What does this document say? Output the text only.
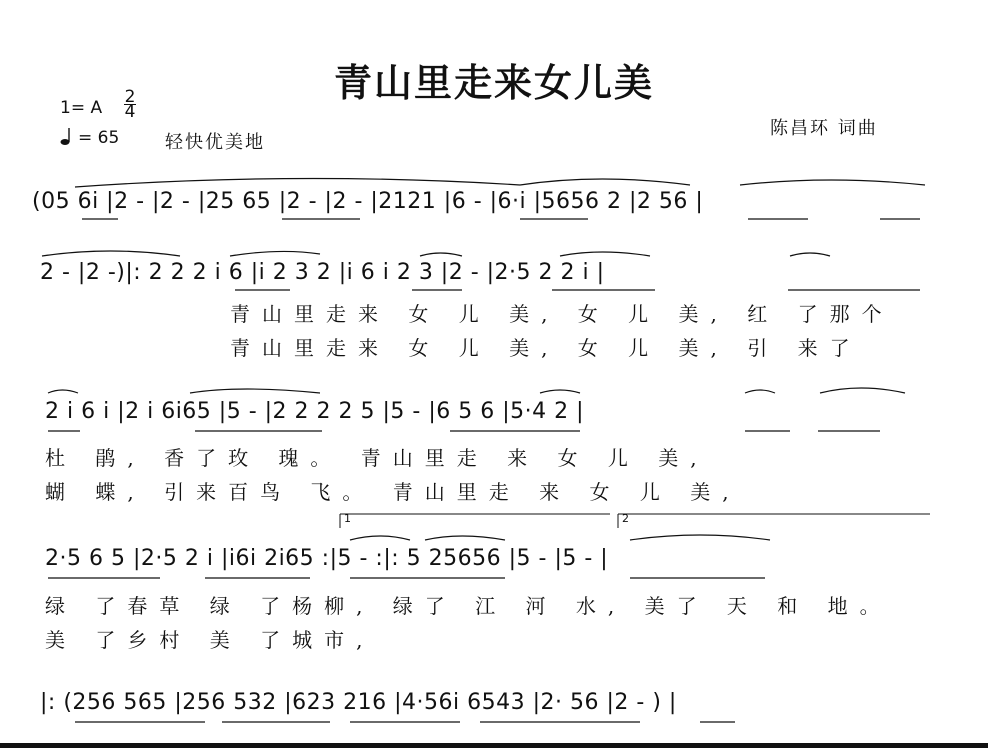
青山里走来女儿美
1= A
2
4
= 65	轻快优美地
陈昌环 词曲
(05 6i |2 - |2 - |25 65 |2 - |2 - |2121 |6 - |6·i |5656 2 |2 56 |
2 - |2 -)|: 2 2 2 i 6 |i 2 3 2 |i 6 i 2 3 |2 - |2·5 2 2 i |
青山里走来 女 儿 美, 女 儿 美, 红 了那个
青山里走来 女 儿 美, 女 儿 美, 引 来了
2 i 6 i |2 i 6i65 |5 - |2 2 2 2 5 |5 - |6 5 6 |5·4 2 |
杜 鹃, 香了玫 瑰。 青山里走 来 女 儿 美,
蝴 蝶, 引来百鸟 飞。 青山里走 来 女 儿 美,
1	2
2·5 6 5 |2·5 2 i |i6i 2i65 :|5 - :|: 5 25656 |5 - |5 - |
绿 了春草 绿 了杨柳, 绿了 江 河 水, 美了 天 和 地。
美 了乡村 美 了城市,
|: (256 565 |256 532 |623 216 |4·56i 6543 |2· 56 |2 - ) |
